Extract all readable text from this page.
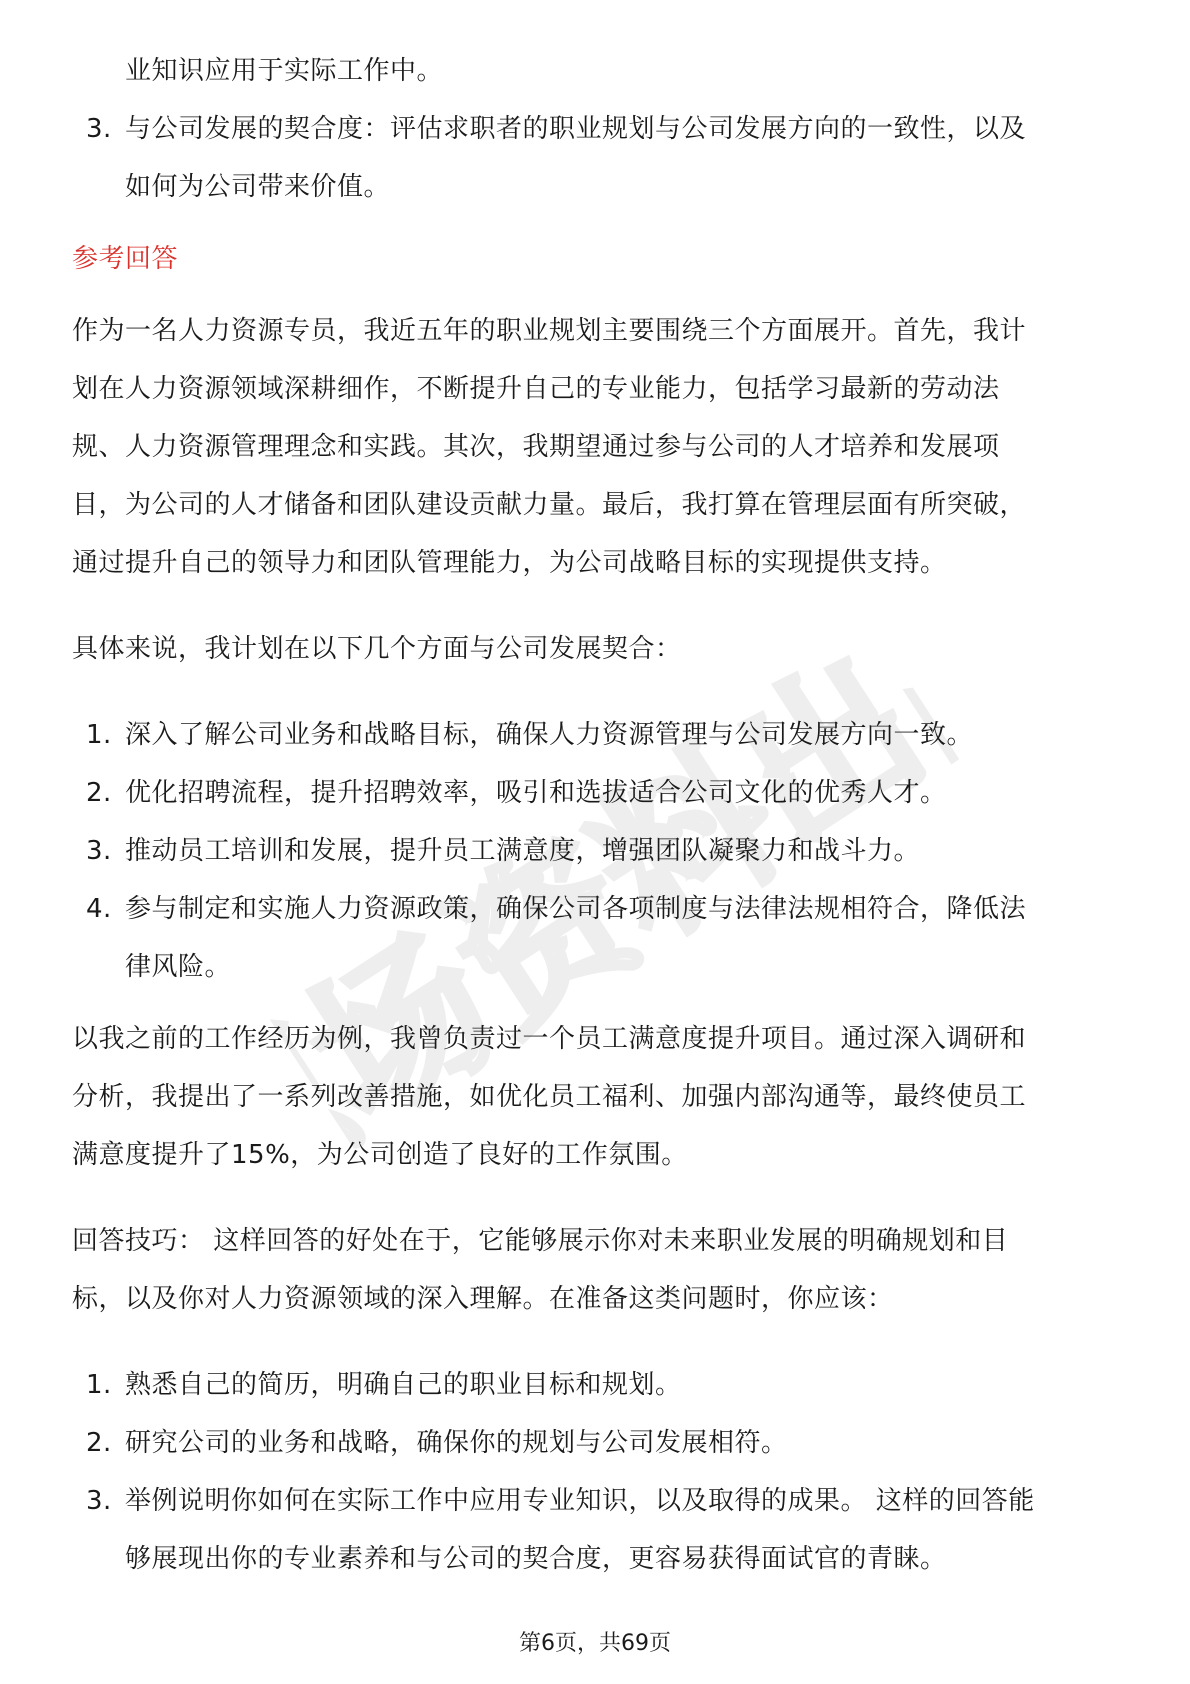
职场资料出品
业知识应用于实际工作中。
3. 与公司发展的契合度：评估求职者的职业规划与公司发展方向的一致性，以及
如何为公司带来价值。
参考回答
作为一名人力资源专员，我近五年的职业规划主要围绕三个方面展开。首先，我计
划在人力资源领域深耕细作，不断提升自己的专业能力，包括学习最新的劳动法
规、人力资源管理理念和实践。其次，我期望通过参与公司的人才培养和发展项
目，为公司的人才储备和团队建设贡献力量。最后，我打算在管理层面有所突破，
通过提升自己的领导力和团队管理能力，为公司战略目标的实现提供支持。
具体来说，我计划在以下几个方面与公司发展契合：
1. 深入了解公司业务和战略目标，确保人力资源管理与公司发展方向一致。
2. 优化招聘流程，提升招聘效率，吸引和选拔适合公司文化的优秀人才。
3. 推动员工培训和发展，提升员工满意度，增强团队凝聚力和战斗力。
4. 参与制定和实施人力资源政策，确保公司各项制度与法律法规相符合，降低法
律风险。
以我之前的工作经历为例，我曾负责过一个员工满意度提升项目。通过深入调研和
分析，我提出了一系列改善措施，如优化员工福利、加强内部沟通等，最终使员工
满意度提升了15%，为公司创造了良好的工作氛围。
回答技巧： 这样回答的好处在于，它能够展示你对未来职业发展的明确规划和目
标，以及你对人力资源领域的深入理解。在准备这类问题时，你应该：
1. 熟悉自己的简历，明确自己的职业目标和规划。
2. 研究公司的业务和战略，确保你的规划与公司发展相符。
3. 举例说明你如何在实际工作中应用专业知识，以及取得的成果。 这样的回答能
够展现出你的专业素养和与公司的契合度，更容易获得面试官的青睐。
第6页，共69页
